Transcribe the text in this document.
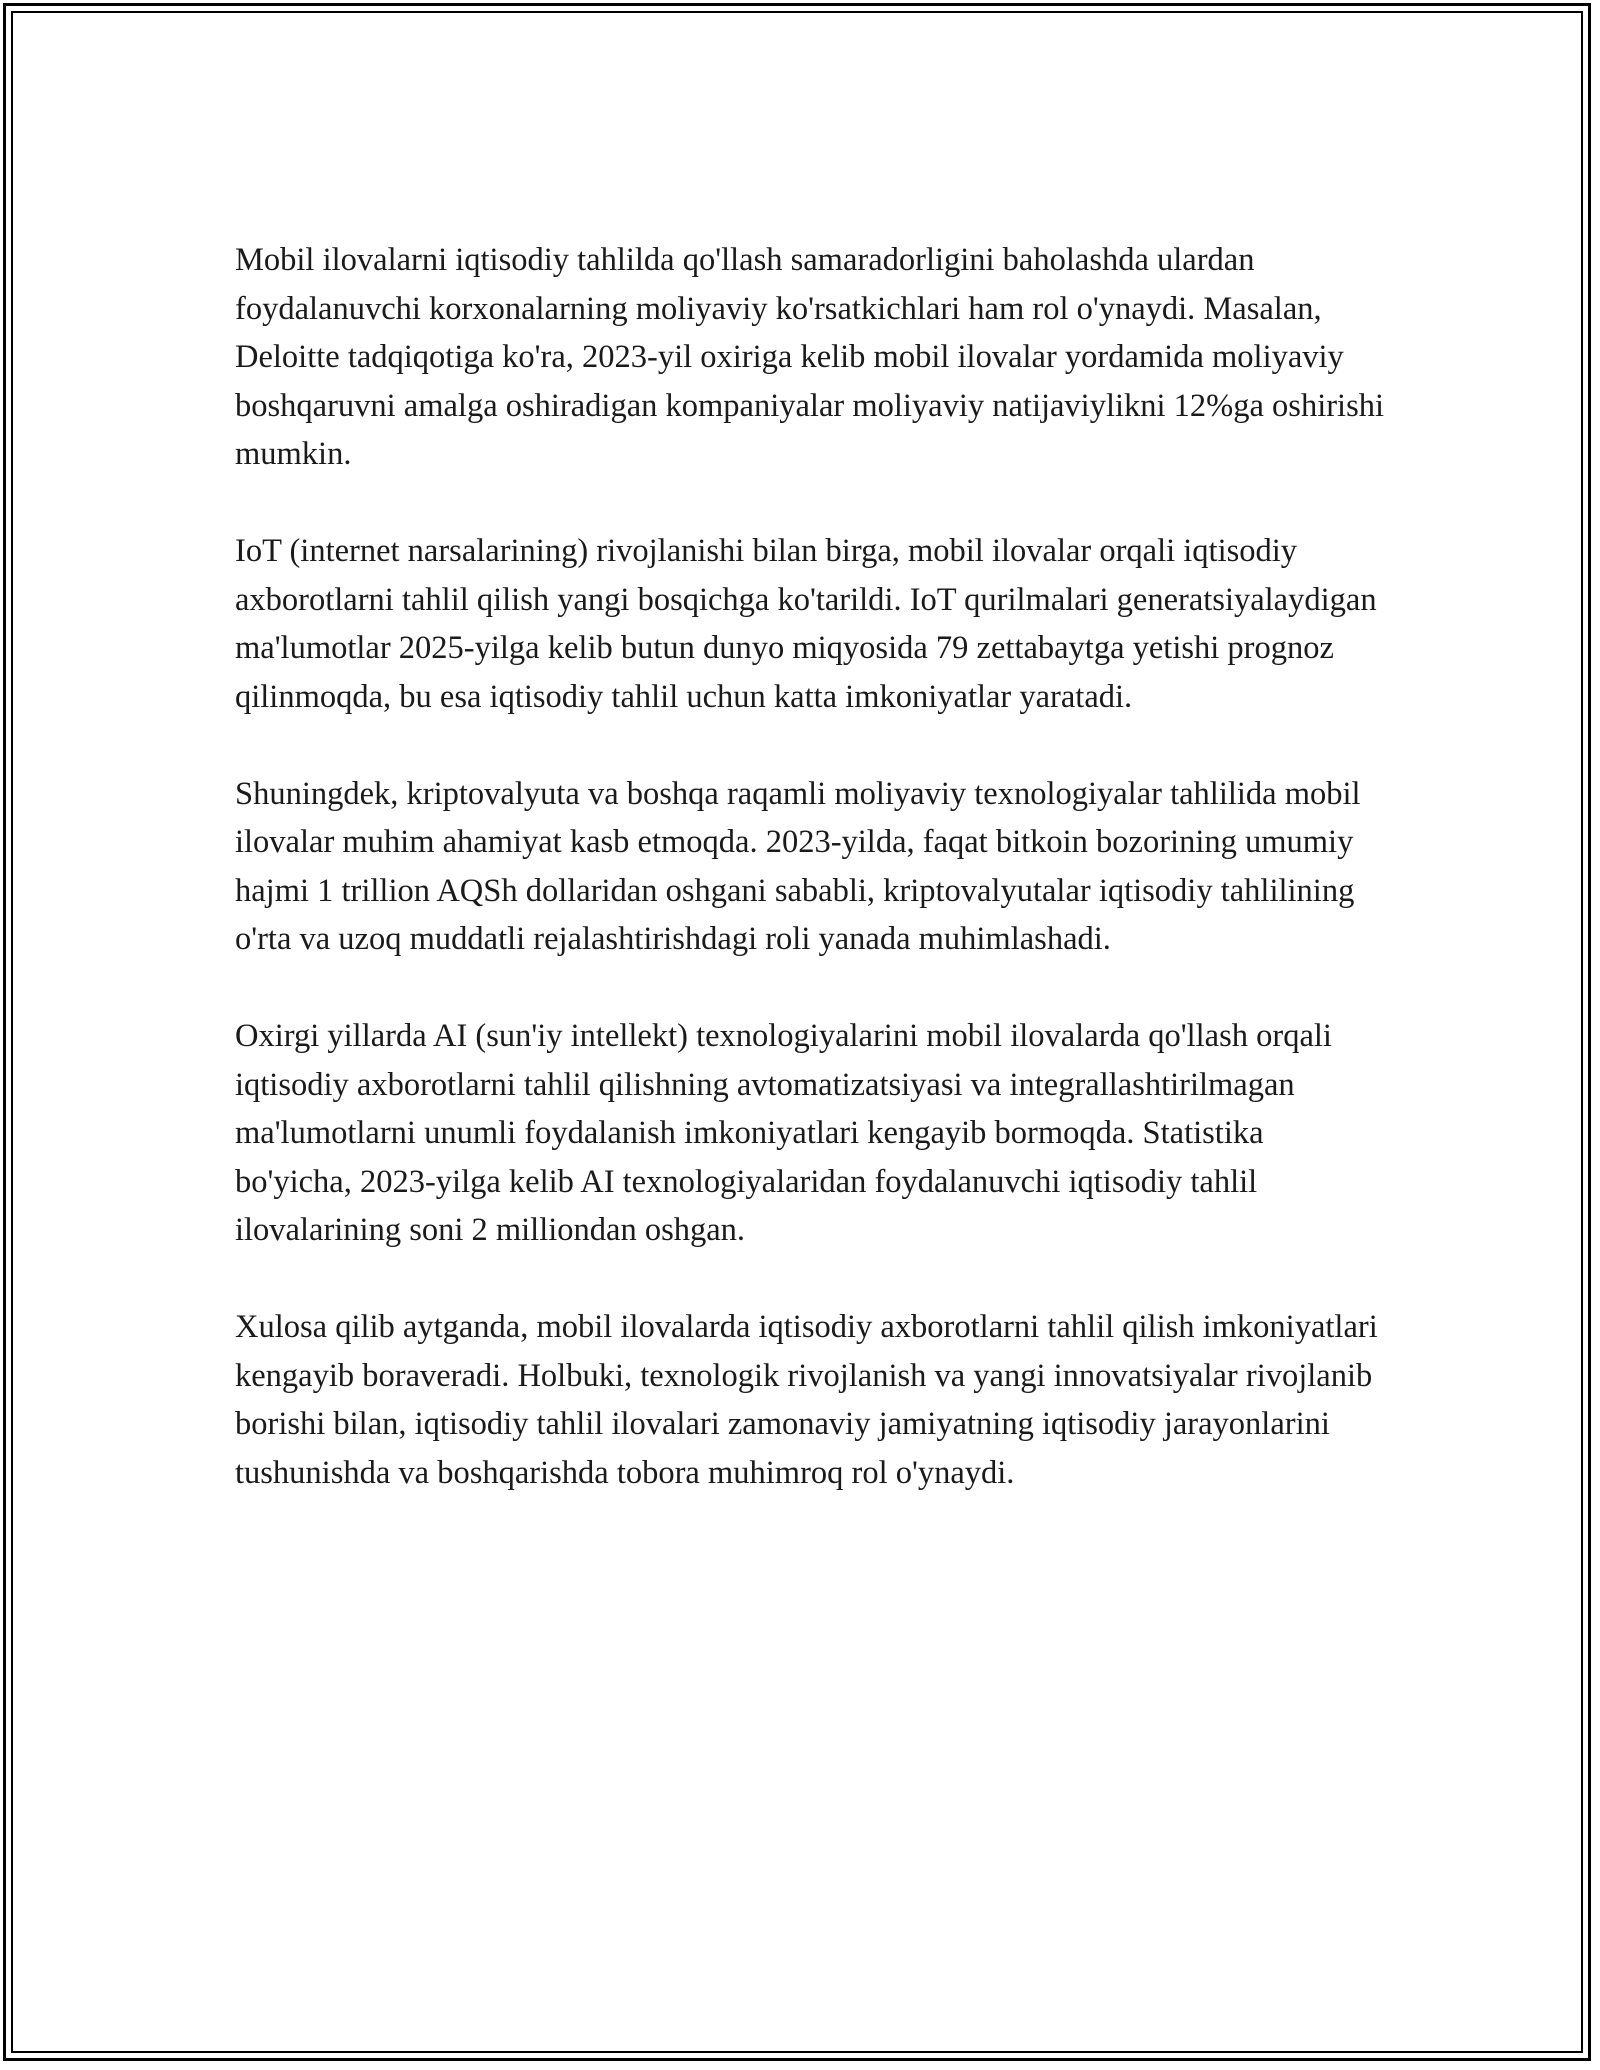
Mobil ilovalarni iqtisodiy tahlilda qo'llash samaradorligini baholashda ulardan foydalanuvchi korxonalarning moliyaviy ko'rsatkichlari ham rol o'ynaydi. Masalan, Deloitte tadqiqotiga ko'ra, 2023-yil oxiriga kelib mobil ilovalar yordamida moliyaviy boshqaruvni amalga oshiradigan kompaniyalar moliyaviy natijaviylikni 12%ga oshirishi mumkin.

IoT (internet narsalarining) rivojlanishi bilan birga, mobil ilovalar orqali iqtisodiy axborotlarni tahlil qilish yangi bosqichga ko'tarildi. IoT qurilmalari generatsiyalaydigan ma'lumotlar 2025-yilga kelib butun dunyo miqyosida 79 zettabaytga yetishi prognoz qilinmoqda, bu esa iqtisodiy tahlil uchun katta imkoniyatlar yaratadi.

Shuningdek, kriptovalyuta va boshqa raqamli moliyaviy texnologiyalar tahlilida mobil ilovalar muhim ahamiyat kasb etmoqda. 2023-yilda, faqat bitkoin bozorining umumiy hajmi 1 trillion AQSh dollaridan oshgani sababli, kriptovalyutalar iqtisodiy tahlilining o'rta va uzoq muddatli rejalashtirishdagi roli yanada muhimlashadi.

Oxirgi yillarda AI (sun'iy intellekt) texnologiyalarini mobil ilovalarda qo'llash orqali iqtisodiy axborotlarni tahlil qilishning avtomatizatsiyasi va integrallashtirilmagan ma'lumotlarni unumli foydalanish imkoniyatlari kengayib bormoqda. Statistika bo'yicha, 2023-yilga kelib AI texnologiyalaridan foydalanuvchi iqtisodiy tahlil ilovalarining soni 2 milliondan oshgan.

Xulosa qilib aytganda, mobil ilovalarda iqtisodiy axborotlarni tahlil qilish imkoniyatlari kengayib boraveradi. Holbuki, texnologik rivojlanish va yangi innovatsiyalar rivojlanib borishi bilan, iqtisodiy tahlil ilovalari zamonaviy jamiyatning iqtisodiy jarayonlarini tushunishda va boshqarishda tobora muhimroq rol o'ynaydi.
